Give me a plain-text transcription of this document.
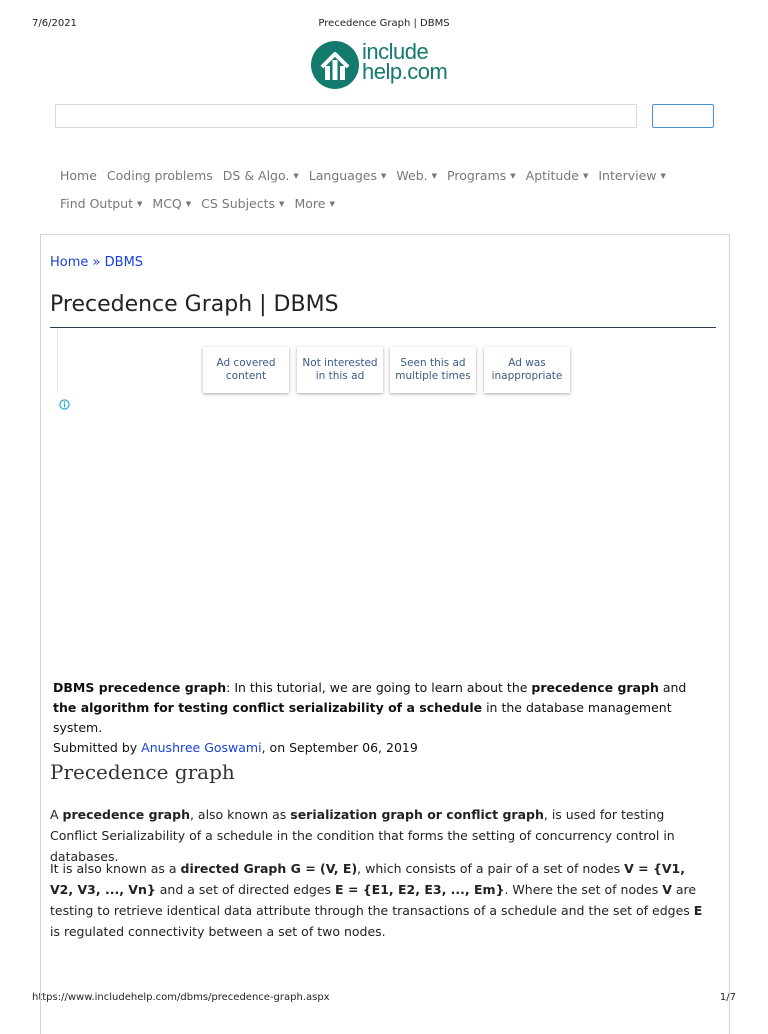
7/6/2021	Precedence Graph | DBMS
https://www.includehelp.com/dbms/precedence-graph.aspx	1/7
include
help.com
Home Coding problems DS & Algo. ▼ Languages ▼ Web. ▼ Programs ▼ Aptitude ▼ Interview ▼
Find Output ▼ MCQ ▼ CS Subjects ▼ More ▼
Home » DBMS
Precedence Graph | DBMS
Ad covered
content
Not interested
in this ad
Seen this ad
multiple times
Ad was
inappropriate
DBMS precedence graph: In this tutorial, we are going to learn about the precedence graph and the algorithm for testing conflict serializability of a schedule in the database management system.
Submitted by Anushree Goswami, on September 06, 2019
Precedence graph
A precedence graph, also known as serialization graph or conflict graph, is used for testing Conflict Serializability of a schedule in the condition that forms the setting of concurrency control in databases.
It is also known as a directed Graph G = (V, E), which consists of a pair of a set of nodes V = {V1, V2, V3, ..., Vn} and a set of directed edges E = {E1, E2, E3, ..., Em}. Where the set of nodes V are testing to retrieve identical data attribute through the transactions of a schedule and the set of edges E is regulated connectivity between a set of two nodes.
